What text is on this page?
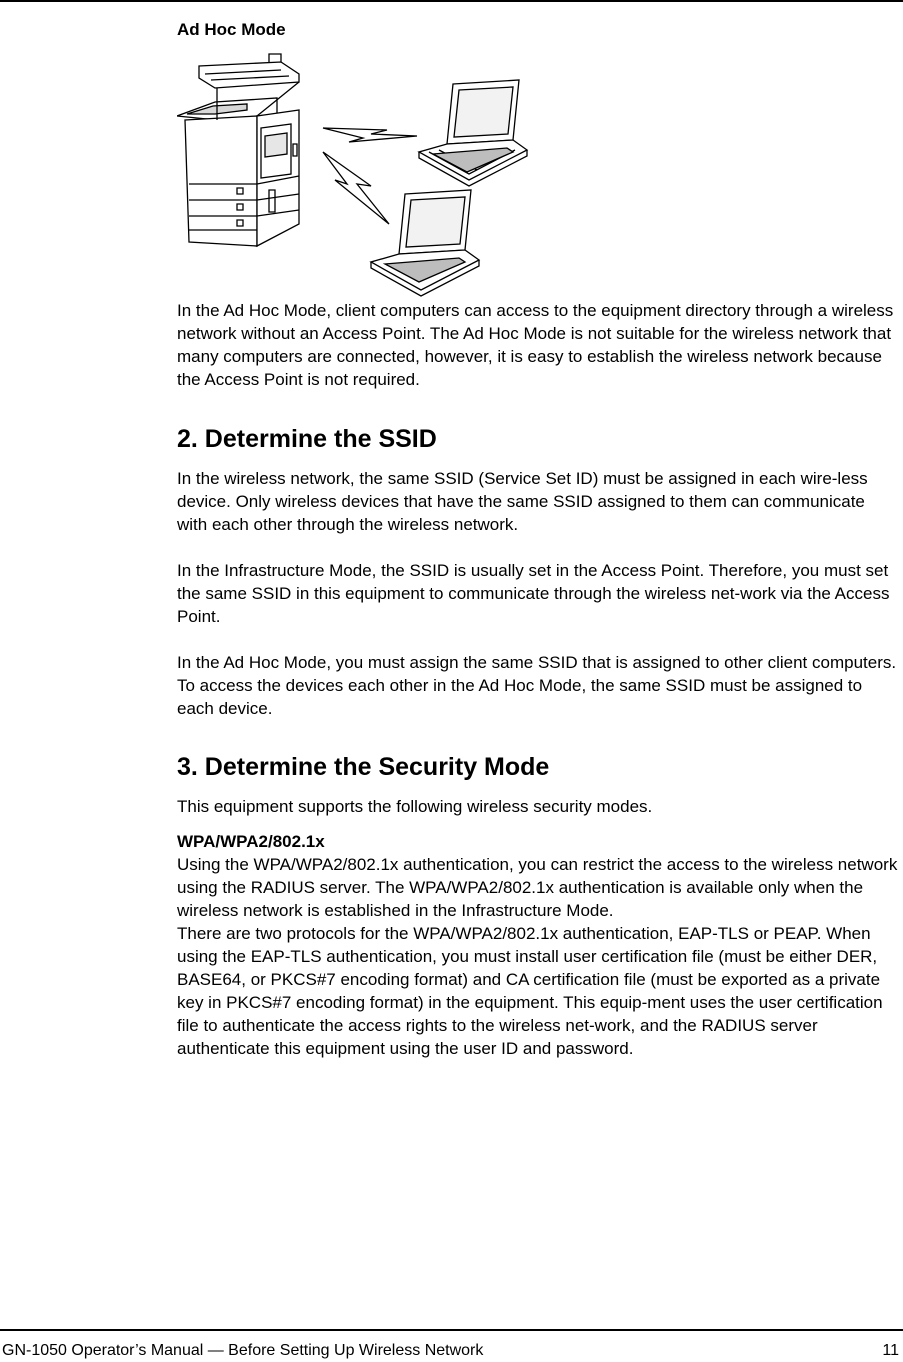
Ad Hoc Mode

In the Ad Hoc Mode, client computers can access to the equipment directory through a wireless network without an Access Point. The Ad Hoc Mode is not suitable for the wireless network that many computers are connected, however, it is easy to establish the wireless network because the Access Point is not required.

2. Determine the SSID

In the wireless network, the same SSID (Service Set ID) must be assigned in each wire-less device. Only wireless devices that have the same SSID assigned to them can communicate with each other through the wireless network.

In the Infrastructure Mode, the SSID is usually set in the Access Point. Therefore, you must set the same SSID in this equipment to communicate through the wireless net-work via the Access Point.

In the Ad Hoc Mode, you must assign the same SSID that is assigned to other client computers. To access the devices each other in the Ad Hoc Mode, the same SSID must be assigned to each device.

3. Determine the Security Mode

This equipment supports the following wireless security modes.

WPA/WPA2/802.1x

Using the WPA/WPA2/802.1x authentication, you can restrict the access to the wireless network using the RADIUS server. The WPA/WPA2/802.1x authentication is available only when the wireless network is established in the Infrastructure Mode.

There are two protocols for the WPA/WPA2/802.1x authentication, EAP-TLS or PEAP. When using the EAP-TLS authentication, you must install user certification file (must be either DER, BASE64, or PKCS#7 encoding format) and CA certification file (must be exported as a private key in PKCS#7 encoding format) in the equipment. This equip-ment uses the user certification file to authenticate the access rights to the wireless net-work, and the RADIUS server authenticate this equipment using the user ID and password.

GN-1050 Operator’s Manual — Before Setting Up Wireless Network	11
